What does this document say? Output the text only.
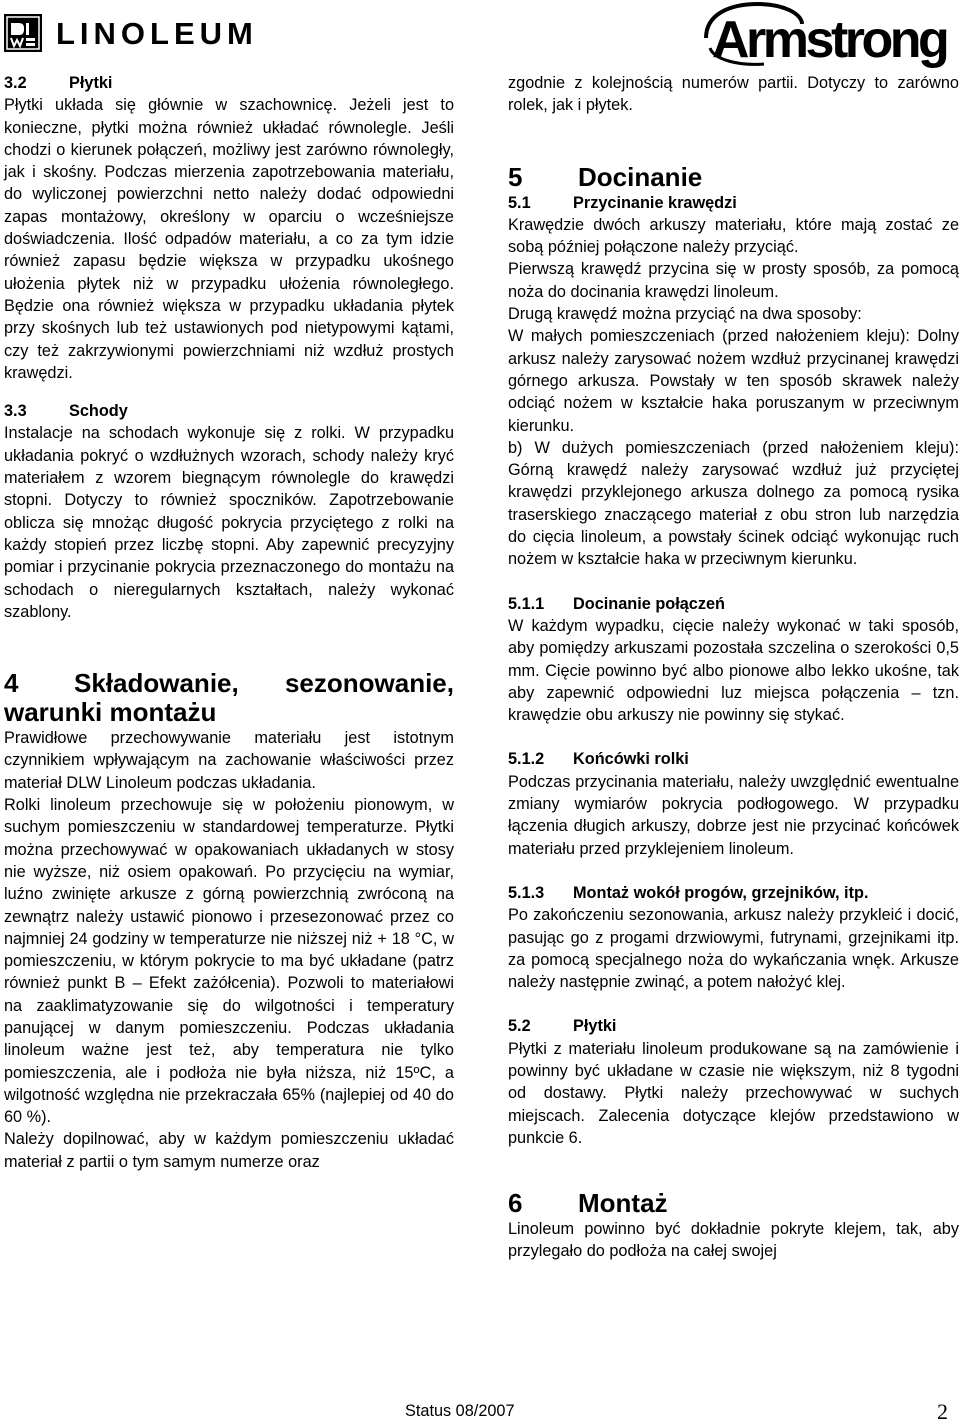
LINOLEUM	Armstrong
3.2	Płytki

Płytki układa się głównie w szachownicę. Jeżeli jest to konieczne, płytki można również układać równolegle. Jeśli chodzi o kierunek połączeń, możliwy jest zarówno równoległy, jak i skośny. Podczas mierzenia zapotrzebowania materiału, do wyliczonej powierzchni netto należy dodać odpowiedni zapas montażowy, określony w oparciu o wcześniejsze doświadczenia. Ilość odpadów materiału, a co za tym idzie również zapasu będzie większa w przypadku ukośnego ułożenia płytek niż w przypadku ułożenia równoległego. Będzie ona również większa w przypadku układania płytek przy skośnych lub też ustawionych pod nietypowymi kątami, czy też zakrzywionymi powierzchniami niż wzdłuż prostych krawędzi.

3.3	Schody

Instalacje na schodach wykonuje się z rolki. W przypadku układania pokryć o wzdłużnych wzorach, schody należy kryć materiałem z wzorem biegnącym równolegle do krawędzi stopni. Dotyczy to również spoczników. Zapotrzebowanie oblicza się mnożąc długość pokrycia przyciętego z rolki na każdy stopień przez liczbę stopni. Aby zapewnić precyzyjny pomiar i przycinanie pokrycia przeznaczonego do montażu na schodach o nieregularnych kształtach, należy wykonać szablony.

4 Składowanie, sezonowanie,
warunki montażu

Prawidłowe przechowywanie materiału jest istotnym czynnikiem wpływającym na zachowanie właściwości przez materiał DLW Linoleum podczas układania.

Rolki linoleum przechowuje się w położeniu pionowym, w suchym pomieszczeniu w standardowej temperaturze. Płytki można przechowywać w opakowaniach układanych w stosy nie wyższe, niż osiem opakowań. Po przycięciu na wymiar, luźno zwinięte arkusze z górną powierzchnią zwróconą na zewnątrz należy ustawić pionowo i przesezonować przez co najmniej 24 godziny w temperaturze nie niższej niż + 18 °C, w pomieszczeniu, w którym pokrycie to ma być układane (patrz również punkt B – Efekt zażółcenia). Pozwoli to materiałowi na zaaklimatyzowanie się do wilgotności i temperatury panującej w danym pomieszczeniu. Podczas układania linoleum ważne jest też, aby temperatura nie tylko pomieszczenia, ale i podłoża nie była niższa, niż 15ºC, a wilgotność względna nie przekraczała 65% (najlepiej od 40 do 60 %).

Należy dopilnować, aby w każdym pomieszczeniu układać materiał z partii o tym samym numerze oraz

zgodnie z kolejnością numerów partii. Dotyczy to zarówno rolek, jak i płytek.

5 Docinanie
5.1	Przycinanie krawędzi

Krawędzie dwóch arkuszy materiału, które mają zostać ze sobą później połączone należy przyciąć.

Pierwszą krawędź przycina się w prosty sposób, za pomocą noża do docinania krawędzi linoleum.

Drugą krawędź można przyciąć na dwa sposoby:

W małych pomieszczeniach (przed nałożeniem kleju): Dolny arkusz należy zarysować nożem wzdłuż przycinanej krawędzi górnego arkusza. Powstały w ten sposób skrawek należy odciąć nożem w kształcie haka poruszanym w przeciwnym kierunku.

b) W dużych pomieszczeniach (przed nałożeniem kleju): Górną krawędź należy zarysować wzdłuż już przyciętej krawędzi przyklejonego arkusza dolnego za pomocą rysika traserskiego znaczącego materiał z obu stron lub narzędzia do cięcia linoleum, a powstały ścinek odciąć wykonując ruch nożem w kształcie haka w przeciwnym kierunku.

5.1.1 Docinanie połączeń

W każdym wypadku, cięcie należy wykonać w taki sposób, aby pomiędzy arkuszami pozostała szczelina o szerokości 0,5 mm. Cięcie powinno być albo pionowe albo lekko ukośne, tak aby zapewnić odpowiedni luz miejsca połączenia – tzn. krawędzie obu arkuszy nie powinny się stykać.

5.1.2 Końcówki rolki

Podczas przycinania materiału, należy uwzględnić ewentualne zmiany wymiarów pokrycia podłogowego. W przypadku łączenia długich arkuszy, dobrze jest nie przycinać końcówek materiału przed przyklejeniem linoleum.

5.1.3 Montaż wokół progów, grzejników, itp.

Po zakończeniu sezonowania, arkusz należy przykleić i docić, pasując go z progami drzwiowymi, futrynami, grzejnikami itp. za pomocą specjalnego noża do wykańczania wnęk. Arkusze należy następnie zwinąć, a potem nałożyć klej.

5.2	Płytki

Płytki z materiału linoleum produkowane są na zamówienie i powinny być układane w czasie nie większym, niż 8 tygodni od dostawy. Płytki należy przechowywać w suchych miejscach. Zalecenia dotyczące klejów przedstawiono w punkcie 6.

6 Montaż

Linoleum powinno być dokładnie pokryte klejem, tak, aby przylegało do podłoża na całej swojej

Status 08/2007	2
